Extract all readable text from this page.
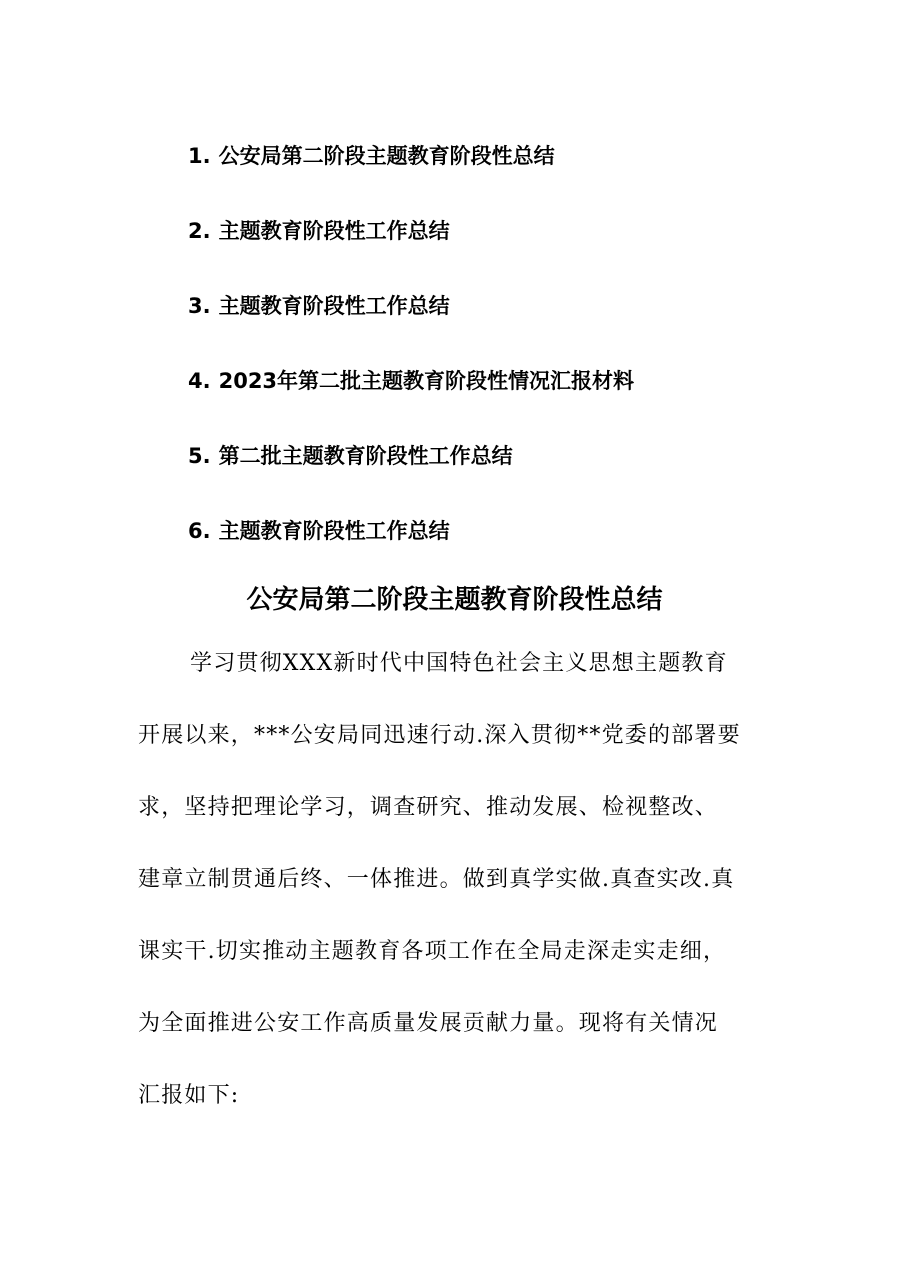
1. 公安局第二阶段主题教育阶段性总结
2. 主题教育阶段性工作总结
3. 主题教育阶段性工作总结
4. 2023年第二批主题教育阶段性情况汇报材料
5. 第二批主题教育阶段性工作总结
6. 主题教育阶段性工作总结
公安局第二阶段主题教育阶段性总结
学习贯彻XXX新时代中国特色社会主义思想主题教育
开展以来，***公安局同迅速行动.深入贯彻**党委的部署要
求，坚持把理论学习，调查研究、推动发展、检视整改、
建章立制贯通后终、一体推进。做到真学实做.真查实改.真
课实干.切实推动主题教育各项工作在全局走深走实走细，
为全面推进公安工作高质量发展贡献力量。现将有关情况
汇报如下:
